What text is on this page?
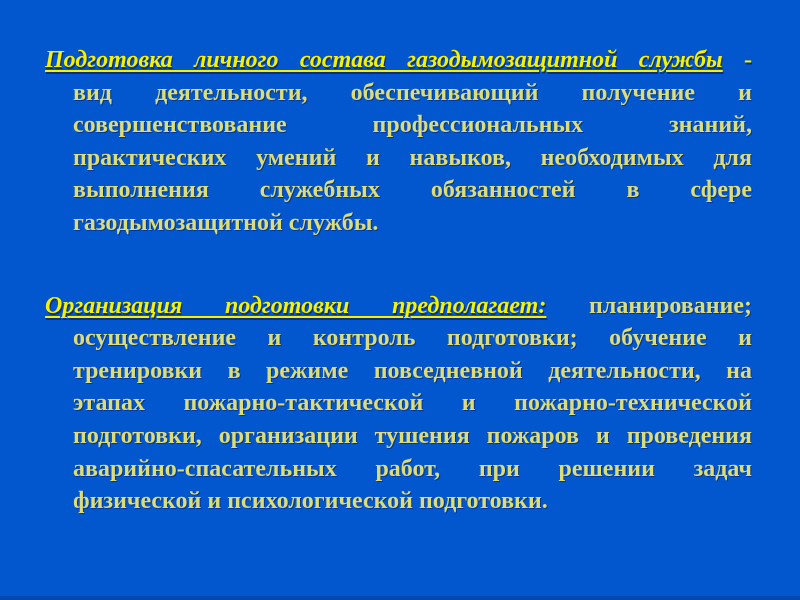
Подготовка личного состава газодымозащитной службы -
вид деятельности, обеспечивающий получение и
совершенствование профессиональных знаний,
практических умений и навыков, необходимых для
выполнения служебных обязанностей в сфере
газодымозащитной службы.
Организация подготовки предполагает: планирование;
осуществление и контроль подготовки; обучение и
тренировки в режиме повседневной деятельности, на
этапах пожарно-тактической и пожарно-технической
подготовки, организации тушения пожаров и проведения
аварийно-спасательных работ, при решении задач
физической и психологической подготовки.
